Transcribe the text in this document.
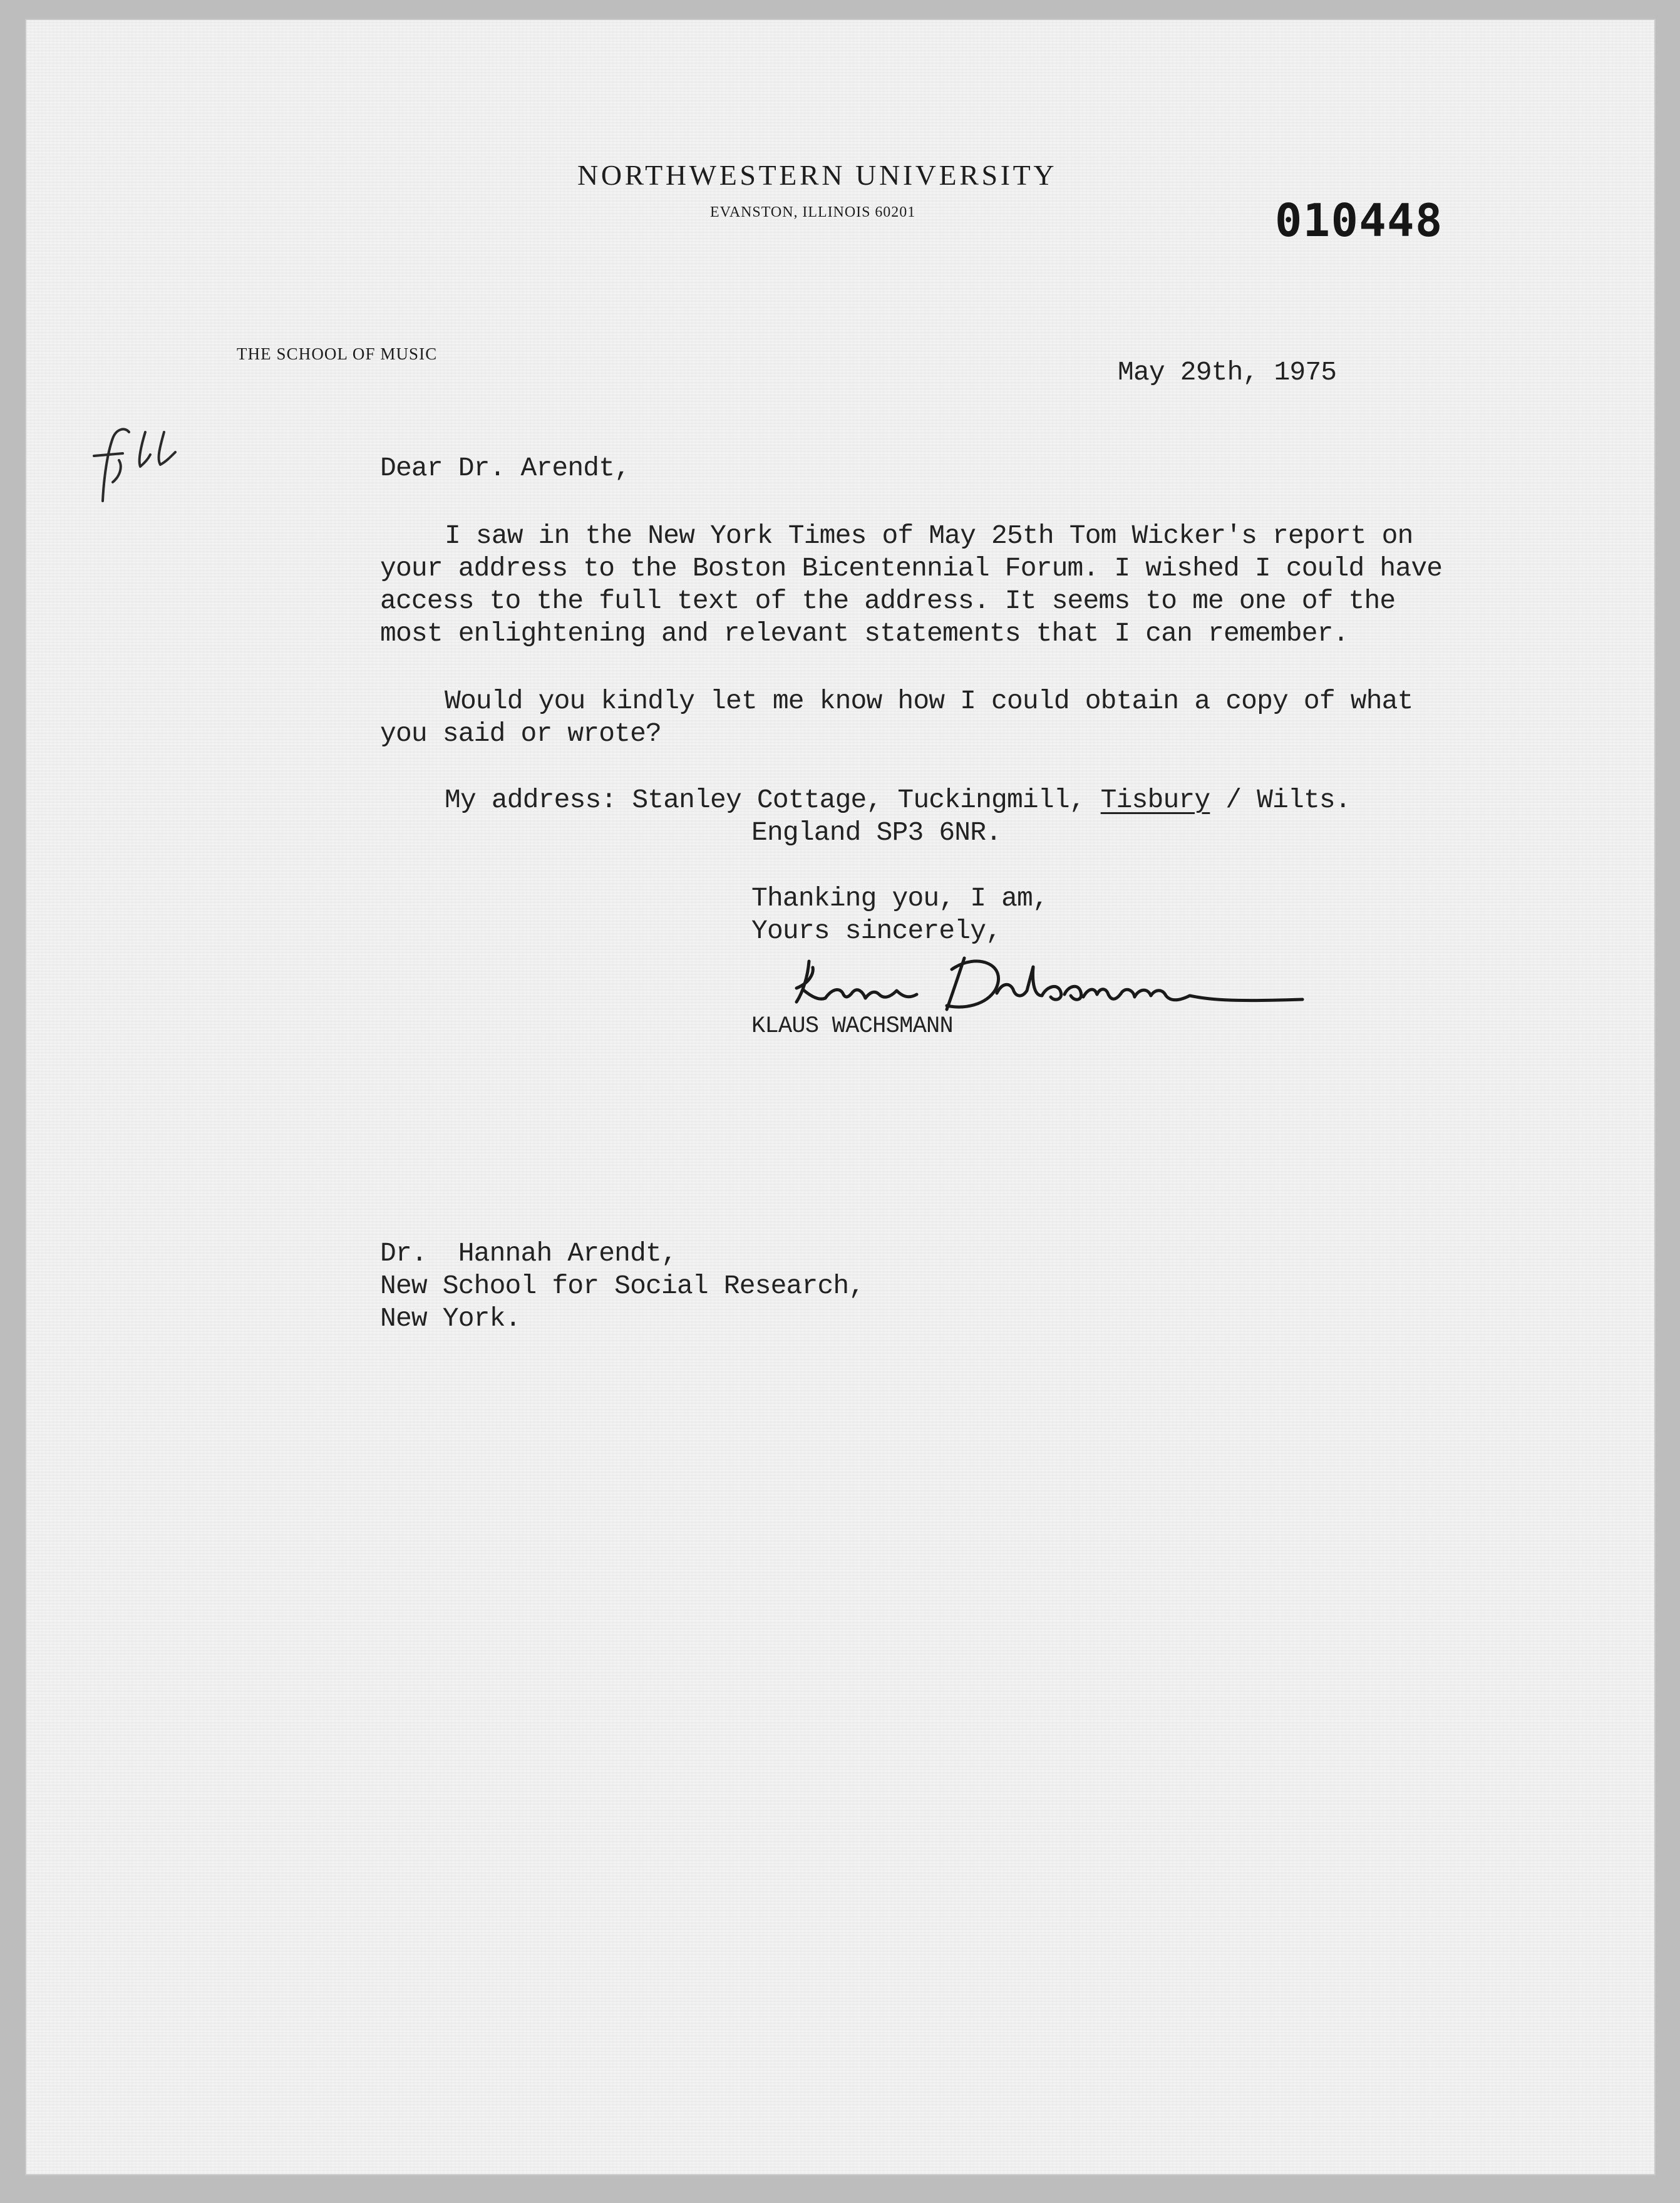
NORTHWESTERN UNIVERSITY
EVANSTON, ILLINOIS 60201
THE SCHOOL OF MUSIC
010448
May 29th, 1975
Dear Dr. Arendt,
I saw in the New York Times of May 25th Tom Wicker's report on
your address to the Boston Bicentennial Forum. I wished I could have
access to the full text of the address. It seems to me one of the
most enlightening and relevant statements that I can remember.
Would you kindly let me know how I could obtain a copy of what
you said or wrote?
My address: Stanley Cottage, Tuckingmill, Tisbury / Wilts.
England SP3 6NR.
Thanking you, I am,
Yours sincerely,
KLAUS WACHSMANN
Dr.  Hannah Arendt,
New School for Social Research,
New York.
